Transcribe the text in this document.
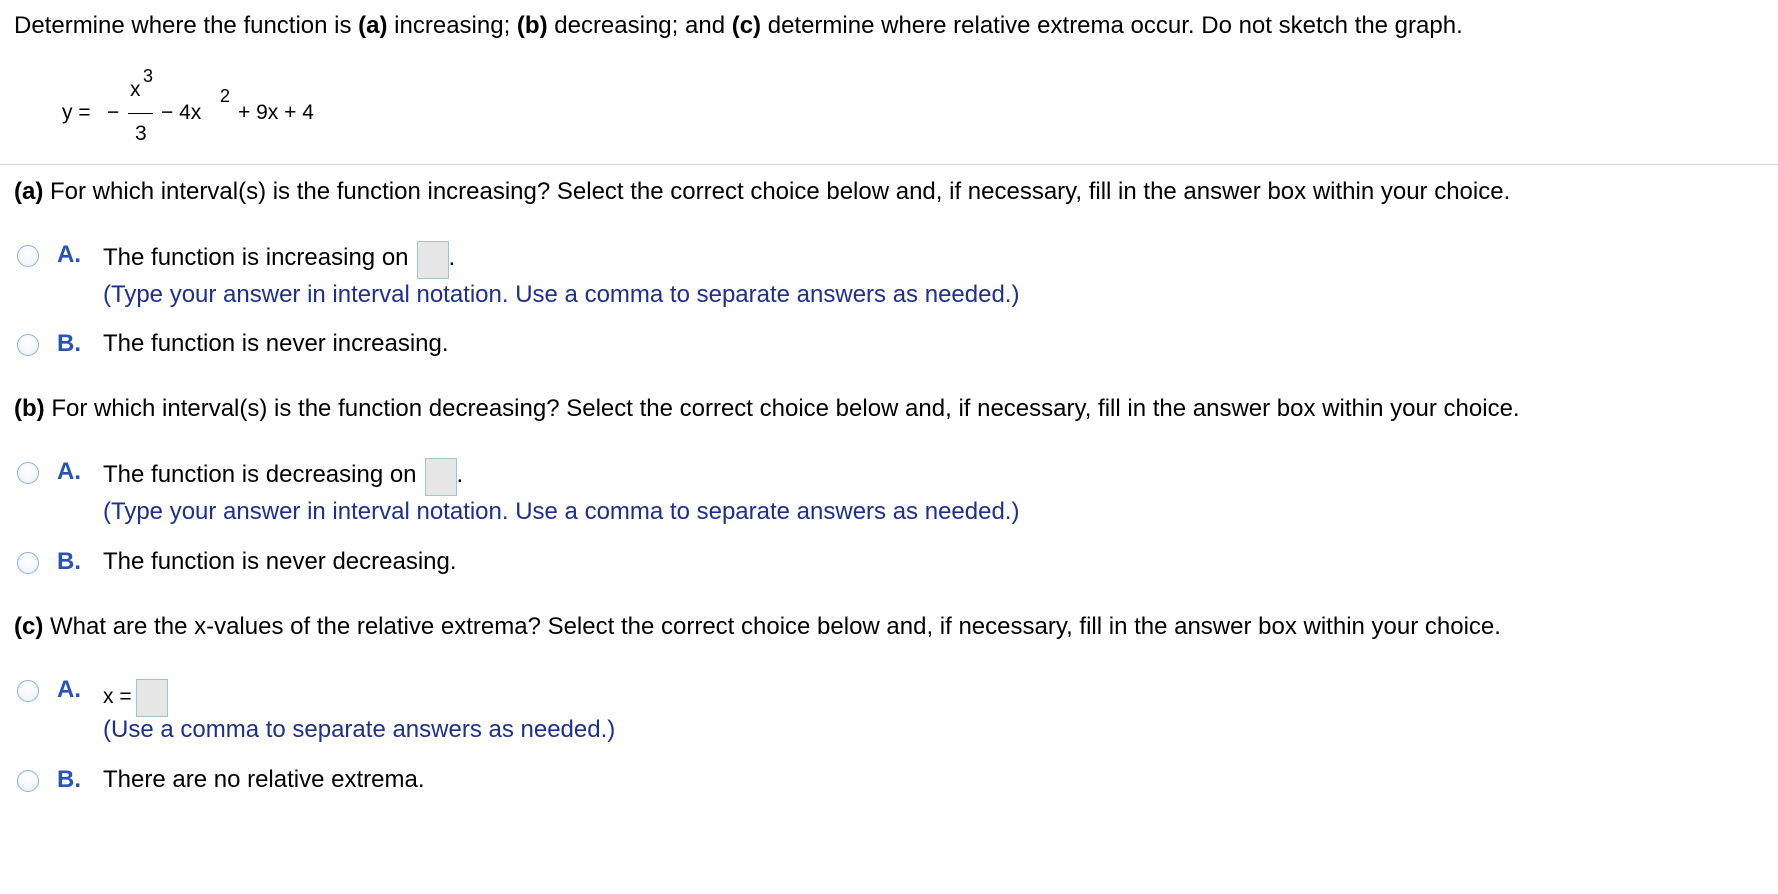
Determine where the function is (a) increasing; (b) decreasing; and (c) determine where relative extrema occur. Do not sketch the graph.
y = −
x
3
3
− 4x
2
+ 9x + 4
(a) For which interval(s) is the function increasing? Select the correct choice below and, if necessary, fill in the answer box within your choice.
A. The function is increasing on .
(Type your answer in interval notation. Use a comma to separate answers as needed.)
B. The function is never increasing.
(b) For which interval(s) is the function decreasing? Select the correct choice below and, if necessary, fill in the answer box within your choice.
A. The function is decreasing on .
(Type your answer in interval notation. Use a comma to separate answers as needed.)
B. The function is never decreasing.
(c) What are the x-values of the relative extrema? Select the correct choice below and, if necessary, fill in the answer box within your choice.
A. x =
(Use a comma to separate answers as needed.)
B. There are no relative extrema.
